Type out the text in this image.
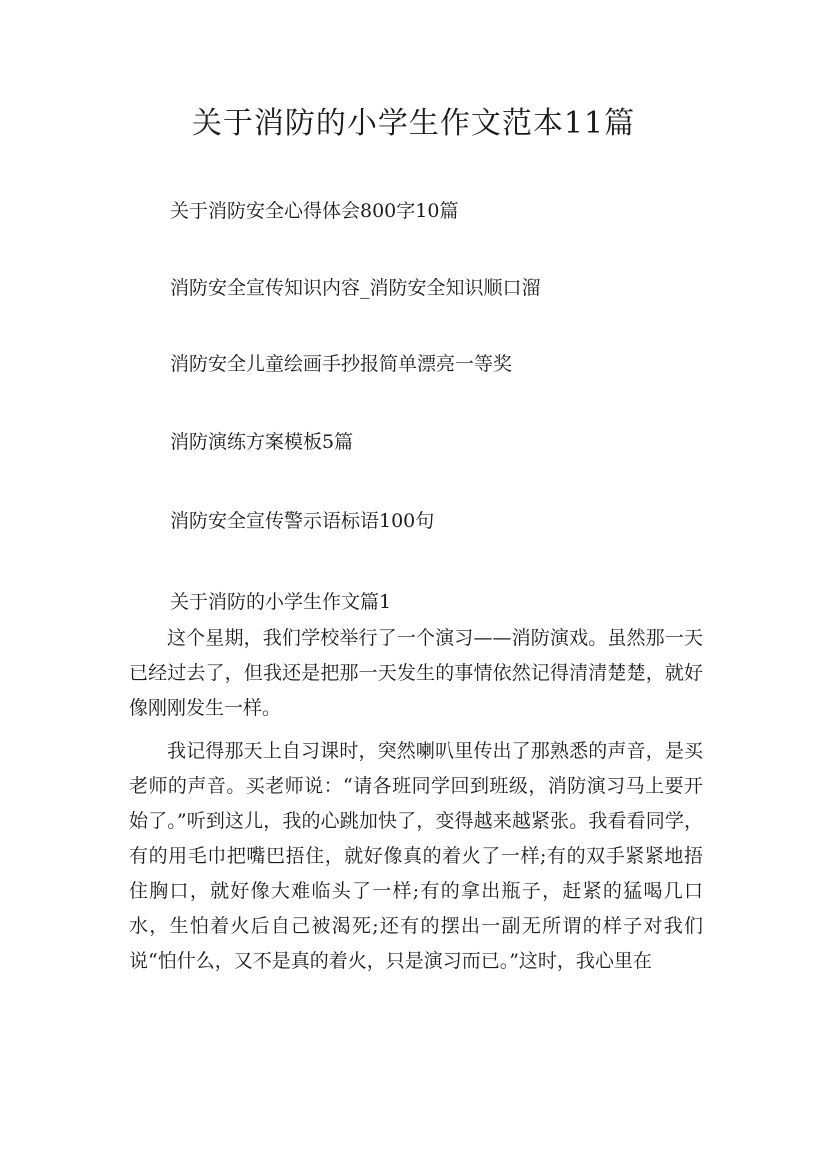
关于消防的小学生作文范本11篇
关于消防安全心得体会800字10篇
消防安全宣传知识内容_消防安全知识顺口溜
消防安全儿童绘画手抄报简单漂亮一等奖
消防演练方案模板5篇
消防安全宣传警示语标语100句
关于消防的小学生作文篇1

这个星期，我们学校举行了一个演习——消防演戏。虽然那一天已经过去了，但我还是把那一天发生的事情依然记得清清楚楚，就好像刚刚发生一样。

我记得那天上自习课时，突然喇叭里传出了那熟悉的声音，是买老师的声音。买老师说：“请各班同学回到班级，消防演习马上要开始了。”听到这儿，我的心跳加快了，变得越来越紧张。我看看同学，有的用毛巾把嘴巴捂住，就好像真的着火了一样;有的双手紧紧地捂住胸口，就好像大难临头了一样;有的拿出瓶子，赶紧的猛喝几口水，生怕着火后自己被渴死;还有的摆出一副无所谓的样子对我们说“怕什么，又不是真的着火，只是演习而已。”这时，我心里在
